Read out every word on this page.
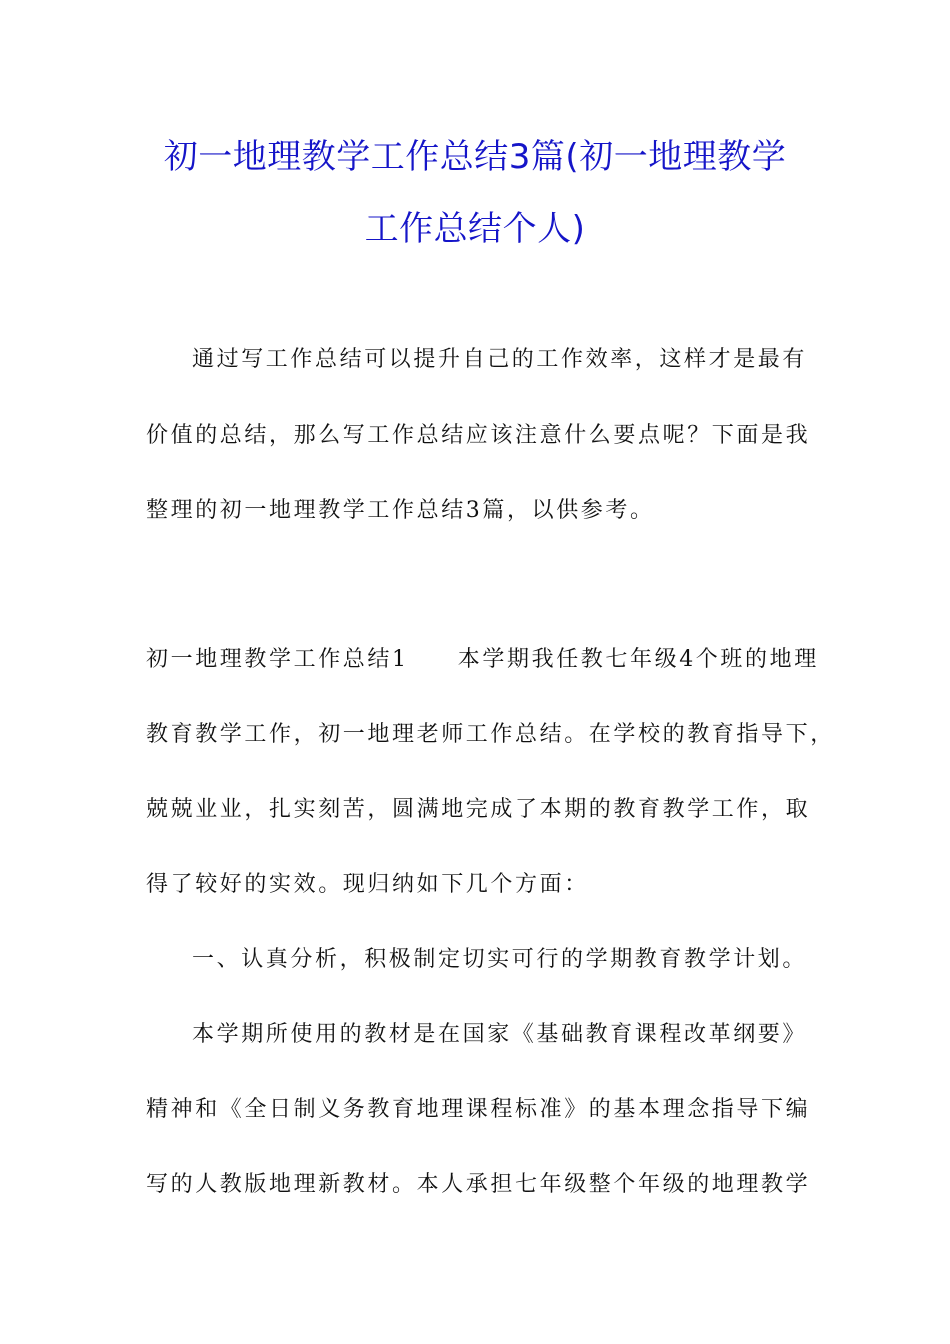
初一地理教学工作总结3篇(初一地理教学
工作总结个人)
通过写工作总结可以提升自己的工作效率，这样才是最有
价值的总结，那么写工作总结应该注意什么要点呢？下面是我
整理的初一地理教学工作总结3篇，以供参考。
初一地理教学工作总结1　　本学期我任教七年级4个班的地理
教育教学工作，初一地理老师工作总结。在学校的教育指导下，
兢兢业业，扎实刻苦，圆满地完成了本期的教育教学工作，取
得了较好的实效。现归纳如下几个方面：
一、认真分析，积极制定切实可行的学期教育教学计划。
本学期所使用的教材是在国家《基础教育课程改革纲要》
精神和《全日制义务教育地理课程标准》的基本理念指导下编
写的人教版地理新教材。本人承担七年级整个年级的地理教学
